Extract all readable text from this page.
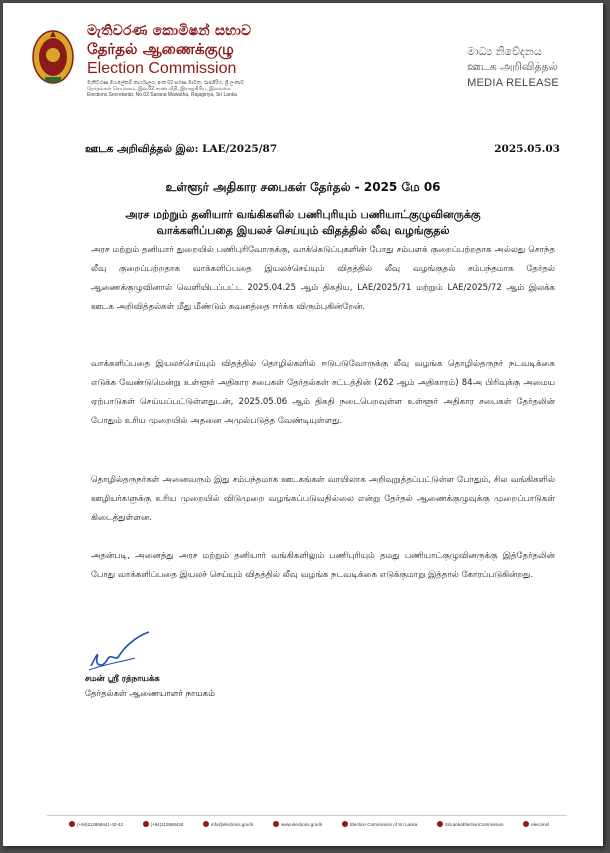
මැතිවරණ කොමිෂන් සභාව
தேர்தல் ஆணைக்குழு
Election Commission
මැතිවරණ මහලේකම් කාර්යාලය, අංක 02 සරණ මාවත, රාජගිරිය, ශ්‍රී ලංකාව
தேர்தல்கள் செயலகம், இல.02 சரண வீதி, இராஜகிரிய, இலங்கை
Elections Secretariat, No.02 Sarana Mawatha, Rajagiriya, Sri Lanka
මාධ්‍ය නිවේදනය
ஊடக அறிவித்தல்
MEDIA RELEASE
ஊடக அறிவித்தல் இல: LAE/2025/87	2025.05.03
உள்ளூர் அதிகார சபைகள் தேர்தல் - 2025 மே 06
அரச மற்றும் தனியார் வங்கிகளில் பணிபுரியும் பணியாட்குழுவினருக்கு
வாக்களிப்பதை இயலச் செய்யும் விதத்தில் லீவு வழங்குதல்
அரச மற்றும் தனியார் துறையில் பணிபுரிவோருக்கு, வாக்கெடுப்புகளின் போது சம்பளக் குறைப்பற்றதாக அல்லது சொந்த லீவு குறைப்பற்றதாக வாக்களிப்பதை இயலச்செய்யும் விதத்தில் லீவு வழங்குதல் சம்பந்தமாக தேர்தல் ஆணைக்குழுவினால் வெளியிடப்பட்ட 2025.04.25 ஆம் திகதிய, LAE/2025/71 மற்றும் LAE/2025/72 ஆம் இலக்க ஊடக அறிவித்தல்கள் மீது மீண்டும் கவனத்தை ஈர்க்க விரும்புகின்றேன்.
வாக்களிப்பதை இயலச்செய்யும் விதத்தில் தொழில்களில் ஈடுபடுவோருக்கு லீவு வழங்க தொழில்தருநர் நடவடிக்கை எடுக்க வேண்டுமென்று உள்ளூர் அதிகார சபைகள் தேர்தல்கள் சட்டத்தின் (262 ஆம் அதிகாரம்) 84அ பிரிவுக்கு அமைய ஏற்பாடுகள் செய்யப்பட்டுள்ளதுடன், 2025.05.06 ஆம் திகதி நடைபெறவுள்ள உள்ளூர் அதிகார சபைகள் தேர்தலின் போதும் உரிய முறையில் அதனை அமுல்படுத்த வேண்டியுள்ளது.
தொழில்தருநர்கள் அனைவரும் இது சம்பந்தமாக ஊடகங்கள் வாயிலாக அறிவுறுத்தப்பட்டுள்ள போதும், சில வங்கிகளில் ஊழியர்களுக்கு உரிய முறையில் விடுமுறை வழங்கப்படுவதில்லை என்று தேர்தல் ஆணைக்குழுவுக்கு முறைப்பாடுகள் கிடைத்துள்ளன.
அதன்படி, அனைத்து அரச மற்றும் தனியார் வங்கிகளிலும் பணிபுரியும் தமது பணியாட்குழுவினருக்கு இத்தேர்தலின் போது வாக்களிப்பதை இயலச் செய்யும் விதத்தில் லீவு வழங்க நடவடிக்கை எடுக்குமாறு இத்தால் கோரப்படுகின்றது.
சமன் ஸ்ரீ ரத்நாயக்க
தேர்தல்கள் ஆணையாளர் நாயகம்
(+94)112868441-42-43	(+94)112868426	info@elections.gov.lk	www.elections.gov.lk	Election Commission of Sri Lanka	SriLankaElectionCommission	elecomsl
